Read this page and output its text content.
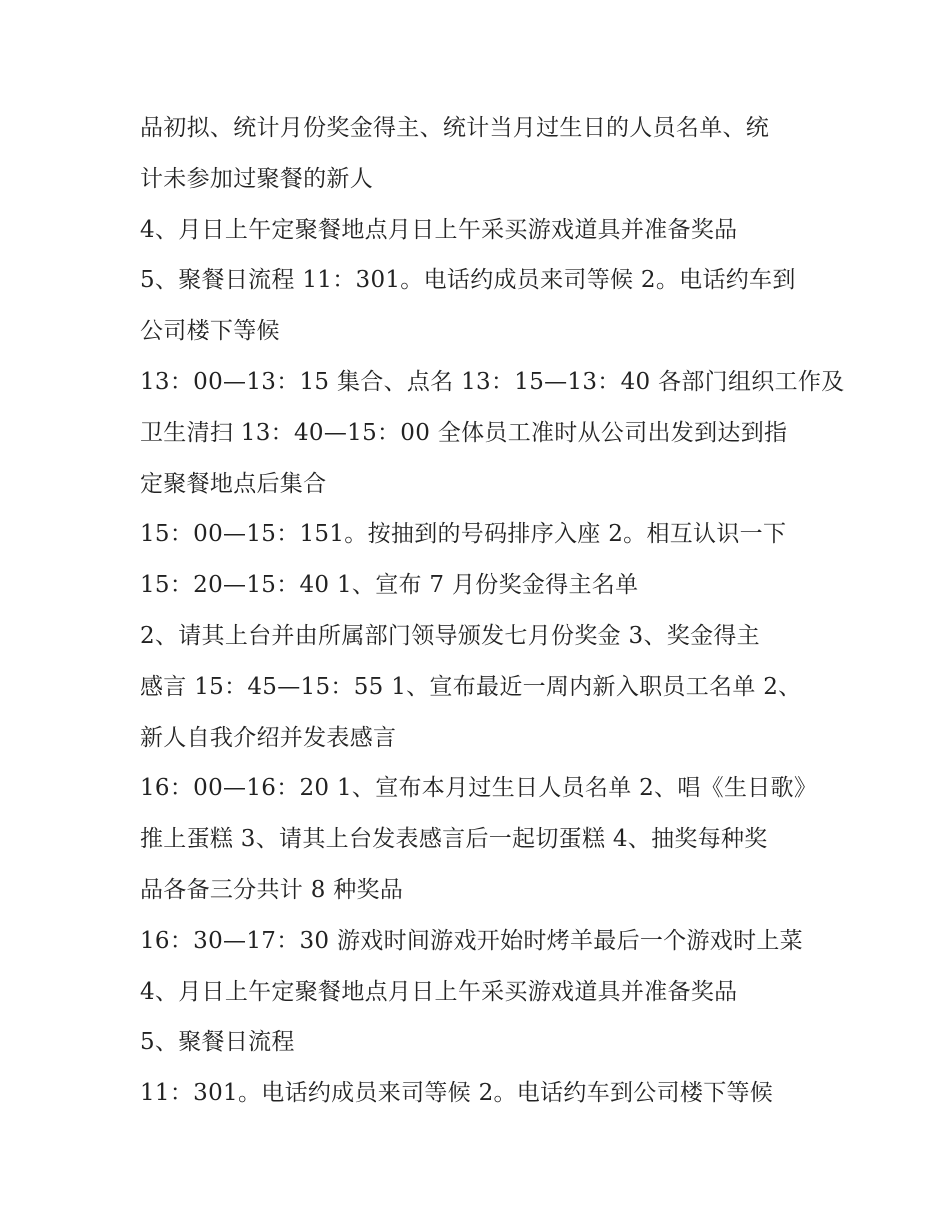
品初拟、统计月份奖金得主、统计当月过生日的人员名单、统
计未参加过聚餐的新人
4、月日上午定聚餐地点月日上午采买游戏道具并准备奖品
5、聚餐日流程 11：301。电话约成员来司等候 2。电话约车到
公司楼下等候
13：00—13：15 集合、点名 13：15—13：40 各部门组织工作及
卫生清扫 13：40—15：00 全体员工准时从公司出发到达到指
定聚餐地点后集合
15：00—15：151。按抽到的号码排序入座 2。相互认识一下
15：20—15：40 1、宣布 7 月份奖金得主名单
2、请其上台并由所属部门领导颁发七月份奖金 3、奖金得主
感言 15：45—15：55 1、宣布最近一周内新入职员工名单 2、
新人自我介绍并发表感言
16：00—16：20 1、宣布本月过生日人员名单 2、唱《生日歌》
推上蛋糕 3、请其上台发表感言后一起切蛋糕 4、抽奖每种奖
品各备三分共计 8 种奖品
16：30—17：30 游戏时间游戏开始时烤羊最后一个游戏时上菜
4、月日上午定聚餐地点月日上午采买游戏道具并准备奖品
5、聚餐日流程
11：301。电话约成员来司等候 2。电话约车到公司楼下等候
